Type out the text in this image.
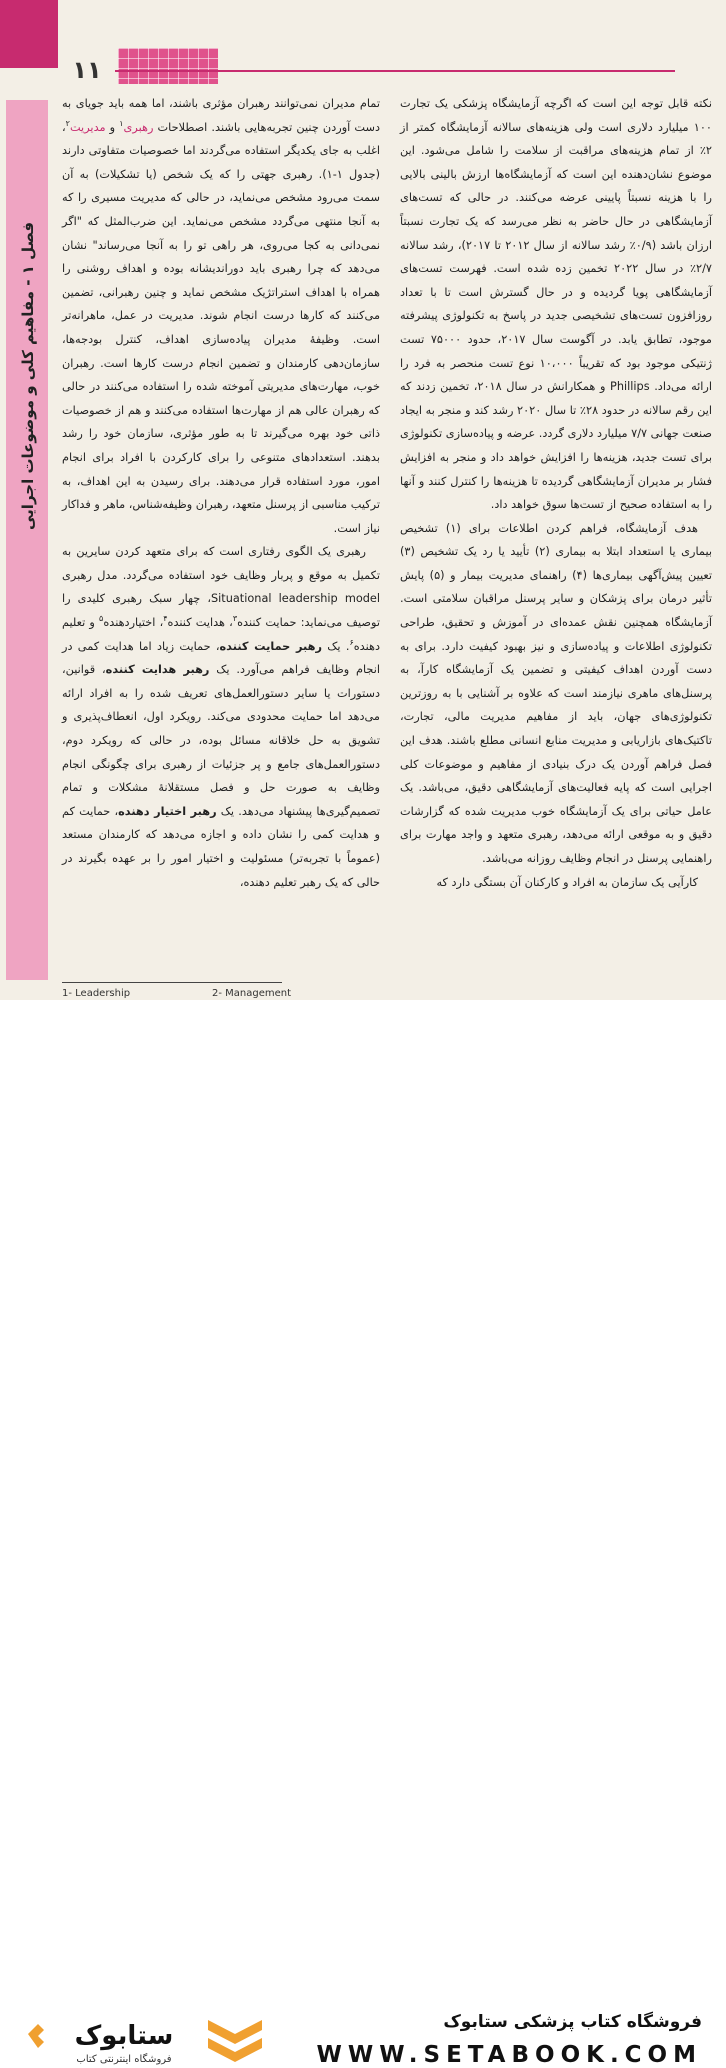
۱۱
فصل ۱ - مفاهیم کلی و موضوعات اجرایی

تمام مدیران نمی‌توانند رهبران مؤثری باشند، اما همه باید جویای به دست آوردن چنین تجربه‌هایی باشند. اصطلاحات رهبری$^۱$ و مدیریت$^۲$، اغلب به جای یکدیگر استفاده می‌گردند اما خصوصیات متفاوتی دارند (جدول ۱-۱). رهبری جهتی را که یک شخص (یا تشکیلات) به آن سمت می‌رود مشخص می‌نماید، در حالی که مدیریت مسیری را که به آنجا منتهی می‌گردد مشخص می‌نماید. این ضرب‌المثل که "اگر نمی‌دانی به کجا می‌روی، هر راهی تو را به آنجا می‌رساند" نشان می‌دهد که چرا رهبری باید دوراندیشانه بوده و اهداف روشنی را همراه با اهداف استراتژیک مشخص نماید و چنین رهبرانی، تضمین می‌کنند که کارها درست انجام شوند. مدیریت در عمل، ماهرانه‌تر است. وظیفهٔ مدیران پیاده‌سازی اهداف، کنترل بودجه‌ها، سازمان‌دهی کارمندان و تضمین انجام درست کارها است. رهبران خوب، مهارت‌های مدیریتی آموخته شده را استفاده می‌کنند در حالی که رهبران عالی هم از مهارت‌ها استفاده می‌کنند و هم از خصوصیات ذاتی خود بهره می‌گیرند تا به طور مؤثری، سازمان خود را رشد بدهند. استعدادهای متنوعی را برای کارکردن با افراد برای انجام امور، مورد استفاده قرار می‌دهند. برای رسیدن به این اهداف، به ترکیب مناسبی از پرسنل متعهد، رهبران وظیفه‌شناس، ماهر و فداکار نیاز است.

رهبری یک الگوی رفتاری است که برای متعهد کردن سایرین به تکمیل به موقع و پربار وظایف خود استفاده می‌گردد. مدل رهبری Situational leadership model، چهار سبک رهبری کلیدی را توصیف می‌نماید: حمایت کننده$^۳$، هدایت کننده$^۴$، اختیاردهنده$^۵$ و تعلیم دهنده$^۶$. یک رهبر حمایت کننده، حمایت زیاد اما هدایت کمی در انجام وظایف فراهم می‌آورد. یک رهبر هدایت کننده، قوانین، دستورات یا سایر دستورالعمل‌های تعریف شده را به افراد ارائه می‌دهد اما حمایت محدودی می‌کند. رویکرد اول، انعطاف‌پذیری و تشویق به حل خلاقانه مسائل بوده، در حالی که رویکرد دوم، دستورالعمل‌های جامع و پر جزئیات از رهبری برای چگونگی انجام وظایف به صورت حل و فصل مستقلانهٔ مشکلات و تمام تصمیم‌گیری‌ها پیشنهاد می‌دهد. یک رهبر اختیار دهنده، حمایت کم و هدایت کمی را نشان داده و اجازه می‌دهد که کارمندان مستعد (عموماً با تجربه‌تر) مسئولیت و اختیار امور را بر عهده بگیرند در حالی که یک رهبر تعلیم دهنده،

نکته قابل توجه این است که اگرچه آزمایشگاه پزشکی یک تجارت ۱۰۰ میلیارد دلاری است ولی هزینه‌های سالانه آزمایشگاه کمتر از ۲٪ از تمام هزینه‌های مراقبت از سلامت را شامل می‌شود. این موضوع نشان‌دهنده این است که آزمایشگاه‌ها ارزش بالینی بالایی را با هزینه نسبتاً پایینی عرضه می‌کنند. در حالی که تست‌های آزمایشگاهی در حال حاضر به نظر می‌رسد که یک تجارت نسبتاً ارزان باشد (۰/۹٪ رشد سالانه از سال ۲۰۱۲ تا ۲۰۱۷)، رشد سالانه ۲/۷٪ در سال ۲۰۲۲ تخمین زده شده است. فهرست تست‌های آزمایشگاهی پویا گردیده و در حال گسترش است تا با تعداد روزافزون تست‌های تشخیصی جدید در پاسخ به تکنولوژی پیشرفته موجود، تطابق یابد. در آگوست سال ۲۰۱۷، حدود ۷۵۰۰۰ تست ژنتیکی موجود بود که تقریباً ۱۰،۰۰۰ نوع تست منحصر به فرد را ارائه می‌داد. Phillips و همکارانش در سال ۲۰۱۸، تخمین زدند که این رقم سالانه در حدود ۲۸٪ تا سال ۲۰۲۰ رشد کند و منجر به ایجاد صنعت جهانی ۷/۷ میلیارد دلاری گردد. عرضه و پیاده‌سازی تکنولوژی برای تست جدید، هزینه‌ها را افزایش خواهد داد و منجر به افزایش فشار بر مدیران آزمایشگاهی گردیده تا هزینه‌ها را کنترل کنند و آنها را به استفاده صحیح از تست‌ها سوق خواهد داد.

هدف آزمایشگاه، فراهم کردن اطلاعات برای (۱) تشخیص بیماری یا استعداد ابتلا به بیماری (۲) تأیید یا رد یک تشخیص (۳) تعیین پیش‌آگهی بیماری‌ها (۴) راهنمای مدیریت بیمار و (۵) پایش تأثیر درمان برای پزشکان و سایر پرسنل مراقبان سلامتی است. آزمایشگاه همچنین نقش عمده‌ای در آموزش و تحقیق، طراحی تکنولوژی اطلاعات و پیاده‌سازی و نیز بهبود کیفیت دارد. برای به دست آوردن اهداف کیفیتی و تضمین یک آزمایشگاه کارآ، به پرسنل‌های ماهری نیازمند است که علاوه بر آشنایی با به روزترین تکنولوژی‌های جهان، باید از مفاهیم مدیریت مالی، تجارت، تاکتیک‌های بازاریابی و مدیریت منابع انسانی مطلع باشند. هدف این فصل فراهم آوردن یک درک بنیادی از مفاهیم و موضوعات کلی اجرایی است که پایه فعالیت‌های آزمایشگاهی دقیق، می‌باشد. یک عامل حیاتی برای یک آزمایشگاه خوب مدیریت شده که گزارشات دقیق و به موقعی ارائه می‌دهد، رهبری متعهد و واجد مهارت برای راهنمایی پرسنل در انجام وظایف روزانه می‌باشد.

کارآیی یک سازمان به افراد و کارکنان آن بستگی دارد که

1- Leadership	2- Management
ستابوک
فروشگاه اینترنتی کتاب
فروشگاه کتاب پزشکی ستابوک
WWW.SETABOOK.COM
